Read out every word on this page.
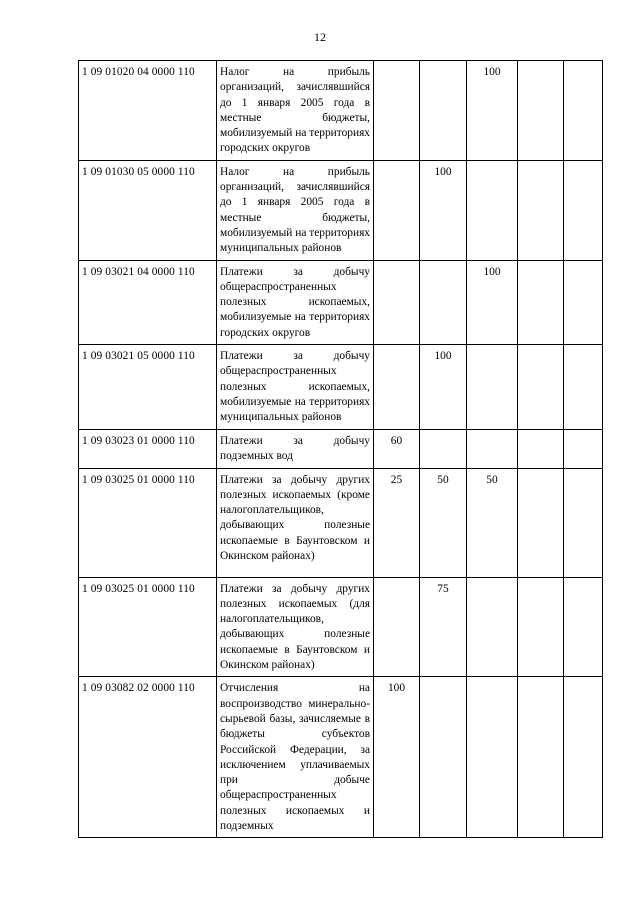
12
1 09 01020 04 0000 110	Налог на прибыль организаций, зачислявшийся до 1 января 2005 года в местные бюджеты, мобилизуемый на территориях городских округов			100		
1 09 01030 05 0000 110	Налог на прибыль организаций, зачислявшийся до 1 января 2005 года в местные бюджеты, мобилизуемый на территориях муниципальных районов		100			
1 09 03021 04 0000 110	Платежи за добычу общераспространенных полезных ископаемых, мобилизуемые на территориях городских округов			100		
1 09 03021 05 0000 110	Платежи за добычу общераспространенных полезных ископаемых, мобилизуемые на территориях муниципальных районов		100			
1 09 03023 01 0000 110	Платежи за добычу подземных вод	60				
1 09 03025 01 0000 110	Платежи за добычу других полезных ископаемых (кроме налогоплательщиков, добывающих полезные ископаемые в Баунтовском и Окинском районах)	25	50	50		
1 09 03025 01 0000 110	Платежи за добычу других полезных ископаемых (для налогоплательщиков, добывающих полезные ископаемые в Баунтовском и Окинском районах)		75			
1 09 03082 02 0000 110	Отчисления на воспроизводство минерально-сырьевой базы, зачисляемые в бюджеты субъектов Российской Федерации, за исключением уплачиваемых при добыче общераспространенных полезных ископаемых и подземных	100				
